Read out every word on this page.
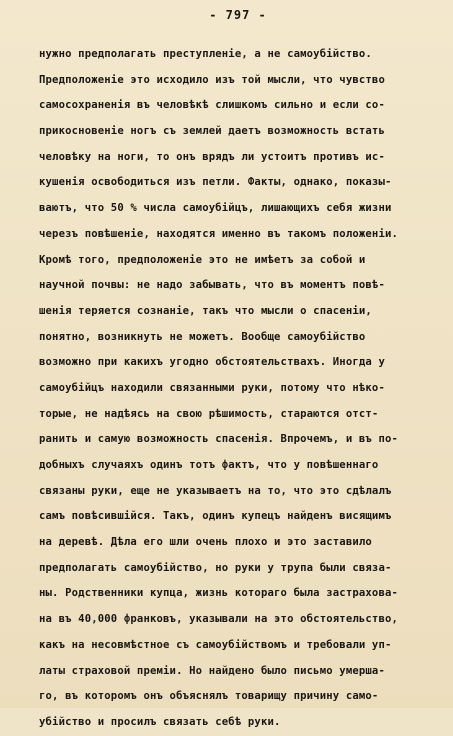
- 797 -
нужно предполагать преступленіе, а не самоубійство.
Предположеніе это исходило изъ той мысли, что чувство
самосохраненія въ человѣкѣ слишкомъ сильно и если со-
прикосновеніе ногъ съ землей даетъ возможность встать
человѣку на ноги, то онъ врядъ ли устоитъ противъ ис-
кушенія освободиться изъ петли. Факты, однако, показы-
ваютъ, что 50 % числа самоубійцъ, лишающихъ себя жизни
черезъ повѣшеніе, находятся именно въ такомъ положеніи.
Кромѣ того, предположеніе это не имѣетъ за собой и
научной почвы: не надо забывать, что въ моментъ повѣ-
шенія теряется сознаніе, такъ что мысли о спасеніи,
понятно, возникнуть не можетъ. Вообще самоубійство
возможно при какихъ угодно обстоятельствахъ. Иногда у
самоубійцъ находили связанными руки, потому что нѣко-
торые, не надѣясь на свою рѣшимость, стараются отст-
ранить и самую возможность спасенія. Впрочемъ, и въ по-
добныхъ случаяхъ одинъ тотъ фактъ, что у повѣшеннаго
связаны руки, еще не указываетъ на то, что это сдѣлалъ
самъ повѣсившійся. Такъ, одинъ купецъ найденъ висящимъ
на деревѣ. Дѣла его шли очень плохо и это заставило
предполагать самоубійство, но руки у трупа были связа-
ны. Родственники купца, жизнь котораго была застрахова-
на въ 40,000 франковъ, указывали на это обстоятельство,
какъ на несовмѣстное съ самоубійствомъ и требовали уп-
латы страховой преміи. Но найдено было письмо умерша-
го, въ которомъ онъ объяснялъ товарищу причину само-
убійство и просилъ связать себѣ руки.
